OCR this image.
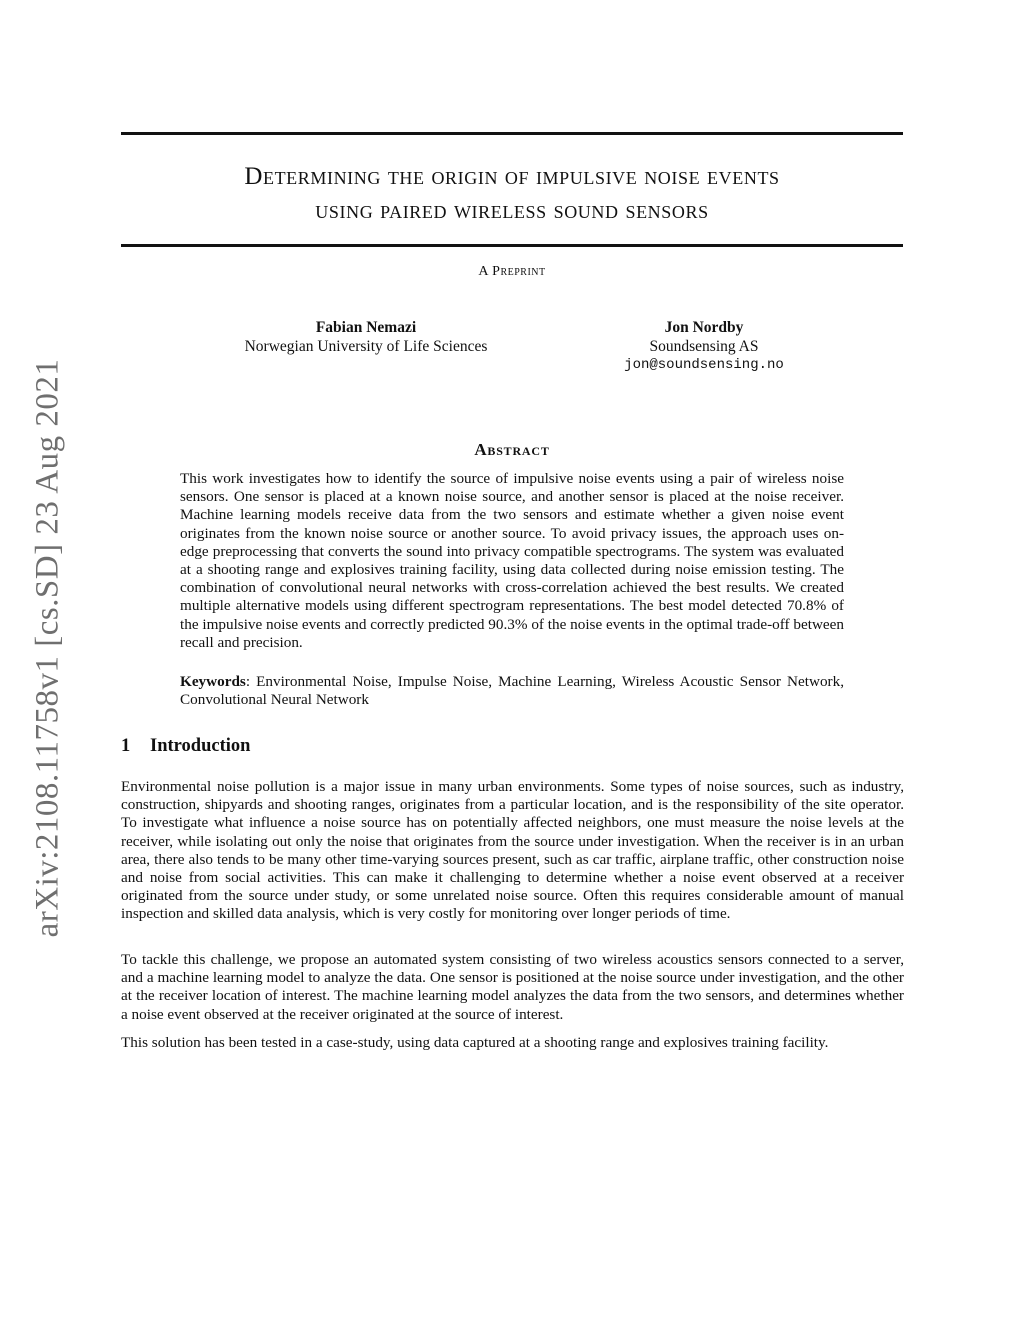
arXiv:2108.11758v1 [cs.SD] 23 Aug 2021
Determining the origin of impulsive noise events
using paired wireless sound sensors
A Preprint
Fabian Nemazi
Norwegian University of Life Sciences
Jon Nordby
Soundsensing AS
jon@soundsensing.no
Abstract

This work investigates how to identify the source of impulsive noise events using a pair of wireless noise sensors. One sensor is placed at a known noise source, and another sensor is placed at the noise receiver. Machine learning models receive data from the two sensors and estimate whether a given noise event originates from the known noise source or another source. To avoid privacy issues, the approach uses on-edge preprocessing that converts the sound into privacy compatible spectrograms. The system was evaluated at a shooting range and explosives training facility, using data collected during noise emission testing. The combination of convolutional neural networks with cross-correlation achieved the best results. We created multiple alternative models using different spectrogram representations. The best model detected 70.8% of the impulsive noise events and correctly predicted 90.3% of the noise events in the optimal trade-off between recall and precision.

Keywords: Environmental Noise, Impulse Noise, Machine Learning, Wireless Acoustic Sensor Network, Convolutional Neural Network

1 Introduction

Environmental noise pollution is a major issue in many urban environments. Some types of noise sources, such as industry, construction, shipyards and shooting ranges, originates from a particular location, and is the responsibility of the site operator. To investigate what influence a noise source has on potentially affected neighbors, one must measure the noise levels at the receiver, while isolating out only the noise that originates from the source under investigation. When the receiver is in an urban area, there also tends to be many other time-varying sources present, such as car traffic, airplane traffic, other construction noise and noise from social activities. This can make it challenging to determine whether a noise event observed at a receiver originated from the source under study, or some unrelated noise source. Often this requires considerable amount of manual inspection and skilled data analysis, which is very costly for monitoring over longer periods of time.

To tackle this challenge, we propose an automated system consisting of two wireless acoustics sensors connected to a server, and a machine learning model to analyze the data. One sensor is positioned at the noise source under investigation, and the other at the receiver location of interest. The machine learning model analyzes the data from the two sensors, and determines whether a noise event observed at the receiver originated at the source of interest.

This solution has been tested in a case-study, using data captured at a shooting range and explosives training facility.
